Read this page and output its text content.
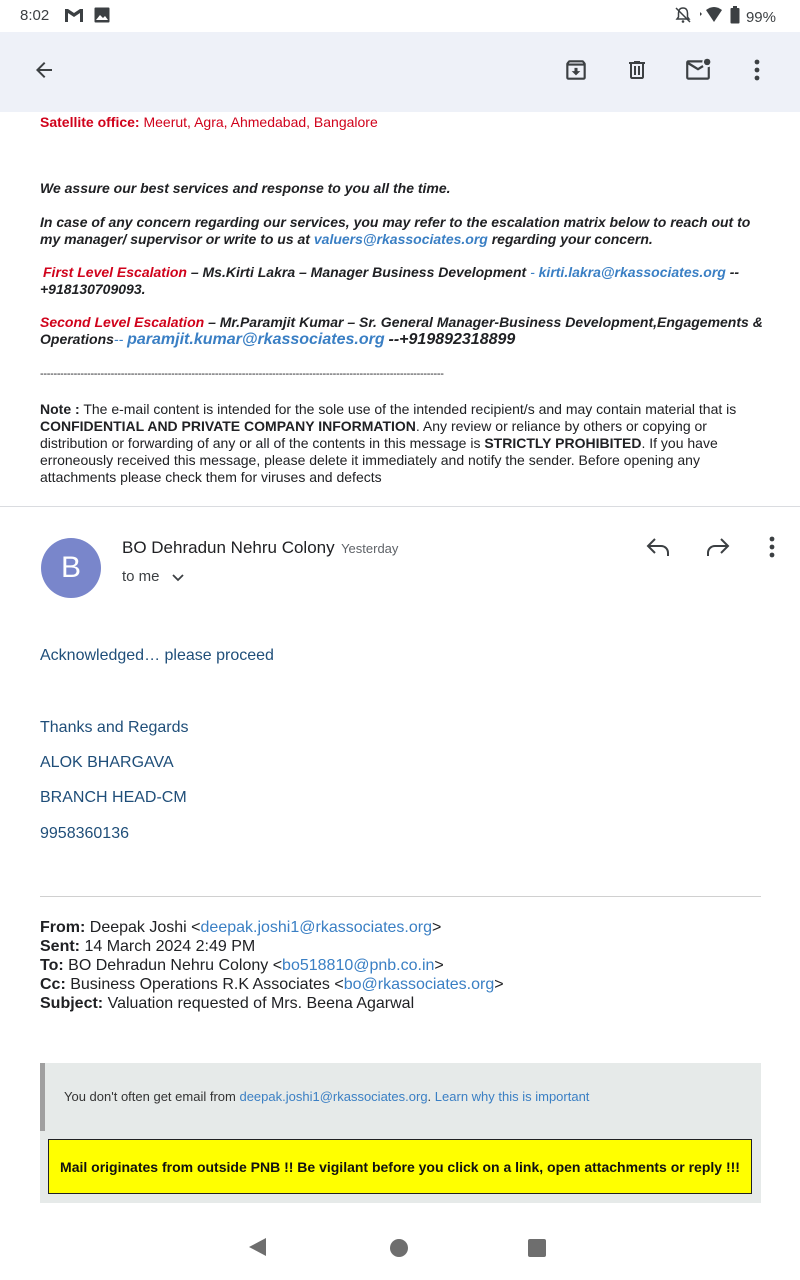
8:02	99%
Satellite office: Meerut, Agra, Ahmedabad, Bangalore
We assure our best services and response to you all the time.
In case of any concern regarding our services, you may refer to the escalation matrix below to reach out to my manager/ supervisor or write to us at valuers@rkassociates.org regarding your concern.
First Level Escalation – Ms.Kirti Lakra – Manager Business Development - kirti.lakra@rkassociates.org -- +918130709093.
Second Level Escalation – Mr.Paramjit Kumar – Sr. General Manager-Business Development,Engagements & Operations-- paramjit.kumar@rkassociates.org --+919892318899
------------------------------------------------------------------------------------------------------------------------
Note : The e-mail content is intended for the sole use of the intended recipient/s and may contain material that is CONFIDENTIAL AND PRIVATE COMPANY INFORMATION. Any review or reliance by others or copying or distribution or forwarding of any or all of the contents in this message is STRICTLY PROHIBITED. If you have erroneously received this message, please delete it immediately and notify the sender. Before opening any attachments please check them for viruses and defects
B
BO Dehradun Nehru Colony Yesterday
to me
Acknowledged… please proceed
Thanks and Regards
ALOK BHARGAVA
BRANCH HEAD-CM
9958360136
From: Deepak Joshi <deepak.joshi1@rkassociates.org>
Sent: 14 March 2024 2:49 PM
To: BO Dehradun Nehru Colony <bo518810@pnb.co.in>
Cc: Business Operations R.K Associates <bo@rkassociates.org>
Subject: Valuation requested of Mrs. Beena Agarwal
You don't often get email from deepak.joshi1@rkassociates.org. Learn why this is important
Mail originates from outside PNB !! Be vigilant before you click on a link, open attachments or reply !!!
